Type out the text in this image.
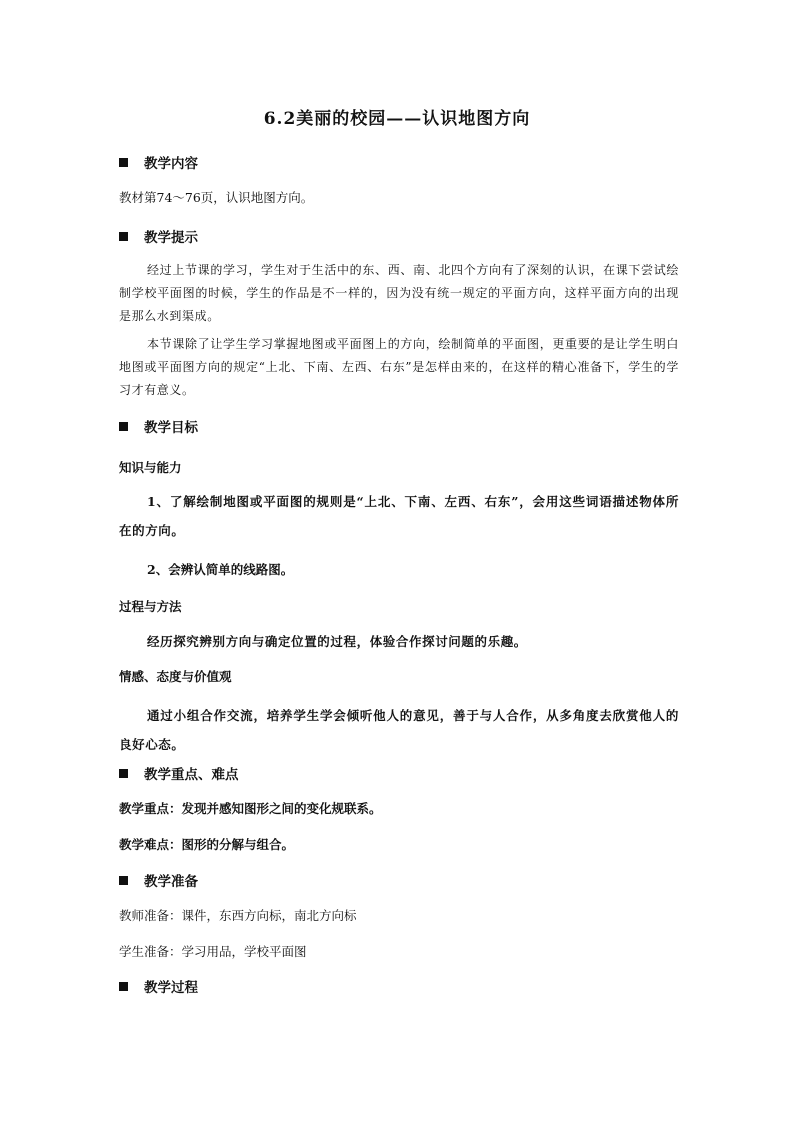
6.2美丽的校园——认识地图方向
教学内容
教材第74～76页，认识地图方向。
教学提示
经过上节课的学习，学生对于生活中的东、西、南、北四个方向有了深刻的认识，在课下尝试绘制学校平面图的时候，学生的作品是不一样的，因为没有统一规定的平面方向，这样平面方向的出现是那么水到渠成。
本节课除了让学生学习掌握地图或平面图上的方向，绘制简单的平面图，更重要的是让学生明白地图或平面图方向的规定“上北、下南、左西、右东”是怎样由来的，在这样的精心准备下，学生的学习才有意义。
教学目标
知识与能力
1、了解绘制地图或平面图的规则是“上北、下南、左西、右东”，会用这些词语描述物体所在的方向。
2、会辨认简单的线路图。
过程与方法
经历探究辨别方向与确定位置的过程，体验合作探讨问题的乐趣。
情感、态度与价值观
通过小组合作交流，培养学生学会倾听他人的意见，善于与人合作，从多角度去欣赏他人的良好心态。
教学重点、难点
教学重点：发现并感知图形之间的变化规联系。
教学难点：图形的分解与组合。
教学准备
教师准备：课件，东西方向标，南北方向标
学生准备：学习用品，学校平面图
教学过程
